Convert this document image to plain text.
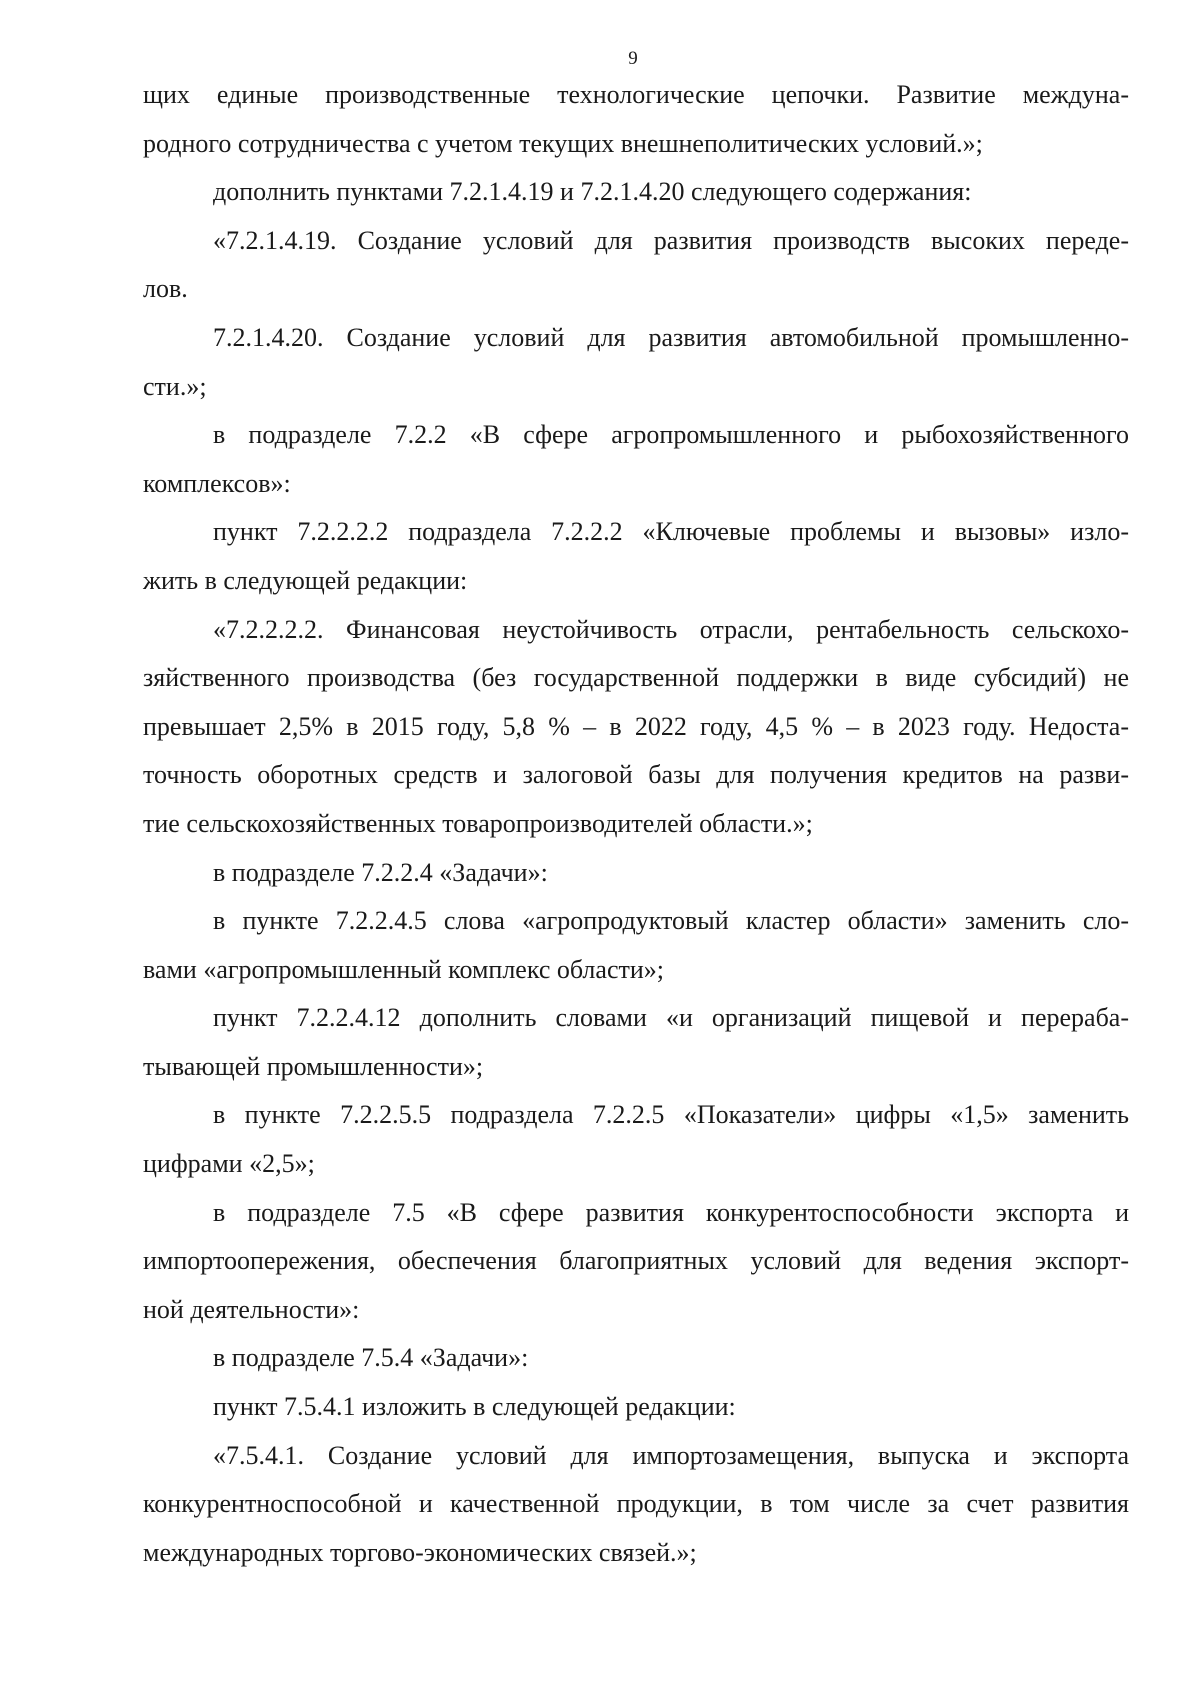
9
щих единые производственные технологические цепочки. Развитие междуна-
родного сотрудничества с учетом текущих внешнеполитических условий.»;
дополнить пунктами 7.2.1.4.19 и 7.2.1.4.20 следующего содержания:
«7.2.1.4.19. Создание условий для развития производств высоких переде-
лов.
7.2.1.4.20. Создание условий для развития автомобильной промышленно-
сти.»;
в подразделе 7.2.2 «В сфере агропромышленного и рыбохозяйственного
комплексов»:
пункт 7.2.2.2.2 подраздела 7.2.2.2 «Ключевые проблемы и вызовы» изло-
жить в следующей редакции:
«7.2.2.2.2. Финансовая неустойчивость отрасли, рентабельность сельскохо-
зяйственного производства (без государственной поддержки в виде субсидий) не
превышает 2,5% в 2015 году, 5,8 % – в 2022 году, 4,5 % – в 2023 году. Недоста-
точность оборотных средств и залоговой базы для получения кредитов на разви-
тие сельскохозяйственных товаропроизводителей области.»;
в подразделе 7.2.2.4 «Задачи»:
в пункте 7.2.2.4.5 слова «агропродуктовый кластер области» заменить сло-
вами «агропромышленный комплекс области»;
пункт 7.2.2.4.12 дополнить словами «и организаций пищевой и перераба-
тывающей промышленности»;
в пункте 7.2.2.5.5 подраздела 7.2.2.5 «Показатели» цифры «1,5» заменить
цифрами «2,5»;
в подразделе 7.5 «В сфере развития конкурентоспособности экспорта и
импортоопережения, обеспечения благоприятных условий для ведения экспорт-
ной деятельности»:
в подразделе 7.5.4 «Задачи»:
пункт 7.5.4.1 изложить в следующей редакции:
«7.5.4.1. Создание условий для импортозамещения, выпуска и экспорта
конкурентноспособной и качественной продукции, в том числе за счет развития
международных торгово-экономических связей.»;
